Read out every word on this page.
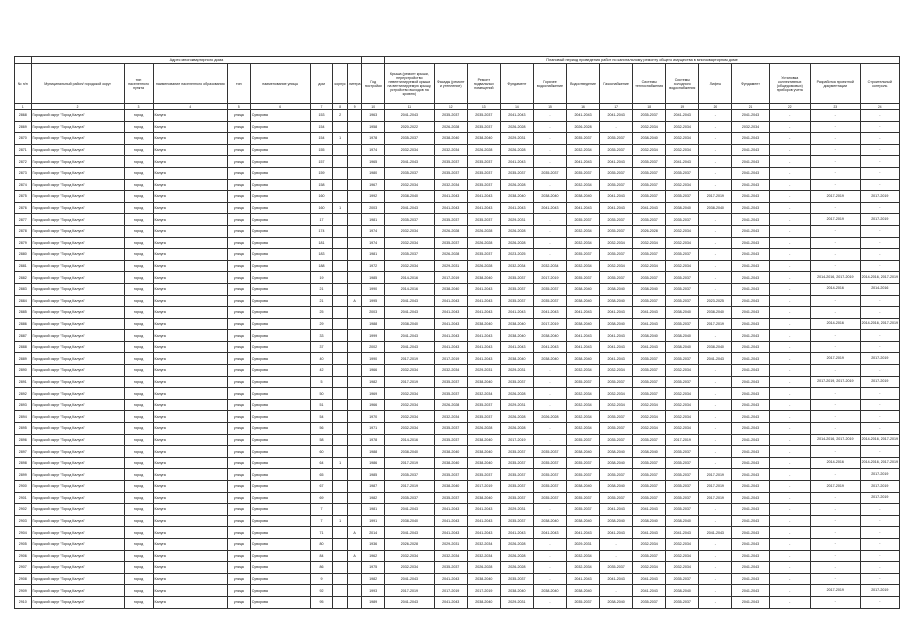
	Адрес многоквартирного дома									Плановый период проведения работ по капитальному ремонту общего имущества в многоквартирном доме													
№ п/п	Муниципальный район/ городской округ	тип населенного пункта	наименование населенного образования	тип	наименование улицы	дом	корпус	литера	Год постройки	Крыша (ремонт крыши, переустройство невентилируемой крыши на вентилируемую крышу, устройство выходов на кровлю)	Фасады (ремонт и утепление)	Ремонт подвальных помещений	Фундамент	Горячее водоснабжение	Водоотведение	Газоснабжение	Системы теплоснабжения	Системы холодного водоснабжения	Лифты	Фундамент	Установка коллективных (общедомовых) приборов учета	Разработка проектной документации	Строительный контроль
1	2	3	4	5	6	7	8	9	10	11	12	13	14	15	16	17	18	19	20	21	22	23	24
2868	Городской округ "Город Калуга"	город	Калуга	улица	Суворова	153	2		1963	2041-2043	2035-2037	2035-2037	2041-2043	-	2041-2043	2041-2043	2035-2037	2041-2043	-	2041-2043	-	-	-
2869	Городской округ "Город Калуга"	город	Калуга	улица	Суворова	154			1958	2020-2022	2026-2028	2035-2037	2026-2028	-	2026-2028	-	2032-2034	2032-2034	-	2032-2034	-	-	-
2870	Городской округ "Город Калуга"	город	Калуга	улица	Суворова	154	1		1978	2035-2037	2038-2040	2038-2040	2029-2031	-	2035-2037	2035-2037	2038-2040	2032-2034	-	2041-2043	-	-	-
2871	Городской округ "Город Калуга"	город	Калуга	улица	Суворова	155			1974	2032-2034	2032-2034	2026-2028	2026-2028	-	2032-2034	2035-2037	2032-2034	2032-2034	-	2041-2043	-	-	-
2872	Городской округ "Город Калуга"	город	Калуга	улица	Суворова	157			1965	2041-2043	2035-2037	2035-2037	2041-2043	-	2041-2043	2041-2043	2035-2037	2041-2043	-	2041-2043	-	-	-
2873	Городской округ "Город Калуга"	город	Калуга	улица	Суворова	159			1980	2035-2037	2035-2037	2035-2037	2035-2037	2035-2037	2035-2037	2035-2037	2035-2037	2035-2037	-	2041-2043	-	-	-
2874	Городской округ "Город Калуга"	город	Калуга	улица	Суворова	158			1967	2032-2034	2032-2034	2035-2037	2026-2028	-	2032-2034	2035-2037	2035-2037	2032-2034	-	2041-2043	-	-	-
2875	Городской округ "Город Калуга"	город	Калуга	улица	Суворова	160			1992	2038-2040	2041-2043	2041-2043	2038-2040	2038-2040	2038-2040	2041-2043	2035-2037	2035-2037	2017-2019	2041-2043	-	2017-2019	2017-2019
2876	Городской округ "Город Калуга"	город	Калуга	улица	Суворова	160	1		2003	2041-2043	2041-2043	2041-2043	2041-2043	2041-2043	2041-2043	2041-2043	2041-2043	2038-2040	2038-2040	2041-2043	-	-	-
2877	Городской округ "Город Калуга"	город	Калуга	улица	Суворова	17			1981	2035-2037	2035-2037	2035-2037	2029-2031	-	2035-2037	2035-2037	2035-2037	2035-2037	-	2041-2043	-	2017-2019	2017-2019
2878	Городской округ "Город Калуга"	город	Калуга	улица	Суворова	174			1974	2032-2034	2026-2028	2026-2028	2026-2028	-	2032-2034	2035-2037	2026-2028	2032-2034	-	2041-2043	-	-	-
2879	Городской округ "Город Калуга"	город	Калуга	улица	Суворова	181			1974	2032-2034	2035-2037	2026-2028	2026-2028	-	2032-2034	2032-2034	2032-2034	2032-2034	-	2041-2043	-	-	-
2880	Городской округ "Город Калуга"	город	Калуга	улица	Суворова	183			1981	2035-2037	2026-2028	2035-2037	2023-2025	-	2035-2037	2035-2037	2035-2037	2035-2037	-	2041-2043	-	-	-
2881	Городской округ "Город Калуга"	город	Калуга	улица	Суворова	188			1972	2032-2034	2029-2031	2026-2028	2032-2034	2032-2034	2032-2034	2032-2034	2032-2034	2032-2034	-	2041-2043	-	-	-
2882	Городской округ "Город Калуга"	город	Калуга	улица	Суворова	19			1985	2014-2016	2017-2019	2038-2040	2035-2037	2017-2019	2035-2037	2035-2037	2035-2037	2035-2037	-	2041-2043	-	2014-2016, 2017-2019	2014-2016, 2017-2019
2883	Городской округ "Город Калуга"	город	Калуга	улица	Суворова	21			1990	2014-2016	2038-2040	2041-2043	2035-2037	2035-2037	2038-2040	2038-2040	2038-2040	2035-2037	-	2041-2043	-	2014-2016	2014-2016
2884	Городской округ "Город Калуга"	город	Калуга	улица	Суворова	21		А	1995	2041-2043	2041-2043	2041-2043	2035-2037	2035-2037	2038-2040	2038-2040	2035-2037	2035-2037	2023-2025	2041-2043	-	-	-
2885	Городской округ "Город Калуга"	город	Калуга	улица	Суворова	25			2003	2041-2043	2041-2043	2041-2043	2041-2043	2041-2043	2041-2043	2041-2043	2041-2043	2038-2040	2038-2040	2041-2043	-	-	-
2886	Городской округ "Город Калуга"	город	Калуга	улица	Суворова	29			1988	2038-2040	2041-2043	2038-2040	2038-2040	2017-2019	2038-2040	2038-2040	2041-2043	2035-2037	2017-2019	2041-2043	-	2014-2016	2014-2016, 2017-2019
2887	Городской округ "Город Калуга"	город	Калуга	улица	Суворова	33			1999	2041-2043	2041-2043	2041-2043	2038-2040	2038-2040	2041-2043	2041-2043	2038-2040	2038-2040	-	2041-2043	-	-	-
2888	Городской округ "Город Калуга"	город	Калуга	улица	Суворова	37			2002	2041-2043	2041-2043	2041-2043	2041-2043	2041-2043	2041-2043	2041-2043	2041-2043	2038-2040	2038-2040	2041-2043	-	-	-
2889	Городской округ "Город Калуга"	город	Калуга	улица	Суворова	40			1990	2017-2019	2017-2019	2041-2043	2038-2040	2038-2040	2038-2040	2041-2043	2035-2037	2035-2037	2041-2043	2041-2043	-	2017-2019	2017-2019
2890	Городской округ "Город Калуга"	город	Калуга	улица	Суворова	42			1966	2032-2034	2032-2034	2029-2031	2029-2031	-	2032-2034	2032-2034	2035-2037	2032-2034	-	2041-2043	-	-	-
2891	Городской округ "Город Калуга"	город	Калуга	улица	Суворова	5			1982	2017-2019	2035-2037	2038-2040	2035-2037	-	2035-2037	2035-2037	2035-2037	2035-2037	-	2041-2043	-	2017-2019, 2017-2019	2017-2019
2892	Городской округ "Город Калуга"	город	Калуга	улица	Суворова	50			1969	2032-2034	2035-2037	2032-2034	2026-2028	-	2032-2034	2032-2034	2035-2037	2032-2034	-	2041-2043	-	-	-
2893	Городской округ "Город Калуга"	город	Калуга	улица	Суворова	51			1966	2032-2034	2026-2028	2035-2037	2029-2031	-	2032-2034	2032-2034	2032-2034	2032-2034	-	2041-2043	-	-	-
2894	Городской округ "Город Калуга"	город	Калуга	улица	Суворова	54			1970	2032-2034	2032-2034	2035-2037	2026-2028	2026-2028	2032-2034	2035-2037	2032-2034	2032-2034	-	2041-2043	-	-	-
2895	Городской округ "Город Калуга"	город	Калуга	улица	Суворова	56			1971	2032-2034	2035-2037	2026-2028	2026-2028	-	2032-2034	2035-2037	2032-2034	2032-2034	-	2041-2043	-	-	-
2896	Городской округ "Город Калуга"	город	Калуга	улица	Суворова	58			1978	2014-2016	2035-2037	2038-2040	2017-2019	-	2035-2037	2035-2037	2035-2037	2017-2019	-	2041-2043	-	2014-2016, 2017-2019	2014-2016, 2017-2019
2897	Городской округ "Город Калуга"	город	Калуга	улица	Суворова	60			1988	2038-2040	2038-2040	2038-2040	2035-2037	2035-2037	2038-2040	2038-2040	2038-2040	2035-2037	-	2041-2043	-	-	-
2898	Городской округ "Город Калуга"	город	Калуга	улица	Суворова	64	1		1986	2017-2019	2038-2040	2038-2040	2035-2037	2035-2037	2035-2037	2038-2040	2035-2037	2035-2037	-	2041-2043	-	2014-2016	2014-2016, 2017-2019
2899	Городской округ "Город Калуга"	город	Калуга	улица	Суворова	65			1985	2035-2037	2035-2037	2035-2037	2035-2037	2035-2037	2035-2037	2035-2037	2035-2037	2035-2037	2017-2019	2041-2043	-	-	2017-2019
2900	Городской округ "Город Калуга"	город	Калуга	улица	Суворова	67			1987	2017-2019	2038-2040	2017-2019	2035-2037	2035-2037	2038-2040	2038-2040	2035-2037	2035-2037	2017-2019	2041-2043	-	2017-2019	2017-2019
2901	Городской округ "Город Калуга"	город	Калуга	улица	Суворова	69			1982	2035-2037	2035-2037	2038-2040	2035-2037	2035-2037	2035-2037	2035-2037	2035-2037	2035-2037	2017-2019	2041-2043	-	-	2017-2019
2902	Городской округ "Город Калуга"	город	Калуга	улица	Суворова	7			1981	2041-2043	2041-2043	2041-2043	2029-2031	-	2035-2037	2041-2043	2041-2043	2035-2037	-	2041-2043	-	-	-
2903	Городской округ "Город Калуга"	город	Калуга	улица	Суворова	7	1		1991	2038-2040	2041-2043	2041-2043	2035-2037	2038-2040	2038-2040	2038-2040	2038-2040	2038-2040	-	2041-2043	-	-	-
2904	Городской округ "Город Калуга"	город	Калуга	улица	Суворова	71		А	2014	2041-2043	2041-2043	2041-2043	2041-2043	2041-2043	2041-2043	2041-2043	2041-2043	2041-2043	2041-2043	2041-2043	-	-	-
2905	Городской округ "Город Калуга"	город	Калуга	улица	Суворова	80			1936	2026-2028	2029-2031	2032-2034	2026-2028	-	2029-2031	-	2032-2034	2032-2034	-	2041-2043	-	-	-
2906	Городской округ "Город Калуга"	город	Калуга	улица	Суворова	84		А	1962	2032-2034	2032-2034	2032-2034	2026-2028	-	2032-2034	-	2035-2037	2032-2034	-	2041-2043	-	-	-
2907	Городской округ "Город Калуга"	город	Калуга	улица	Суворова	86			1975	2032-2034	2035-2037	2026-2028	2026-2028	-	2032-2034	2035-2037	2032-2034	2032-2034	-	2041-2043	-	-	-
2908	Городской округ "Город Калуга"	город	Калуга	улица	Суворова	9			1982	2041-2043	2041-2043	2038-2040	2035-2037	-	2041-2043	2041-2043	2041-2043	2035-2037	-	2041-2043	-	-	-
2909	Городской округ "Город Калуга"	город	Калуга	улица	Суворова	92			1993	2017-2019	2017-2019	2017-2019	2038-2040	2038-2040	2038-2040	-	2041-2043	2038-2040	-	2041-2043	-	2017-2019	2017-2019
2910	Городской округ "Город Калуга"	город	Калуга	улица	Суворова	95			1989	2041-2043	2041-2043	2038-2040	2029-2031	-	2035-2037	2038-2040	2035-2037	2035-2037	-	2041-2043	-	-	-
